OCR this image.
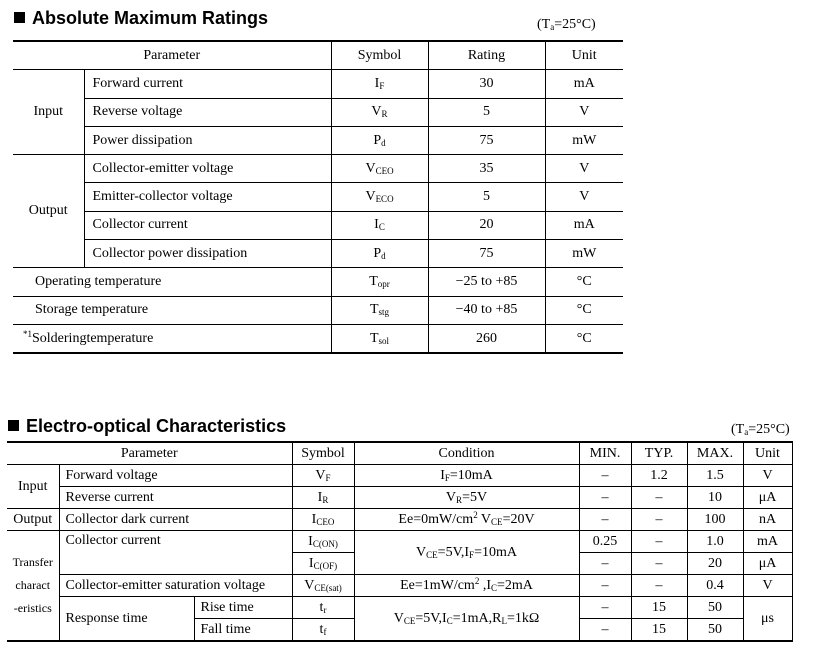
Absolute Maximum Ratings	$(T_a=25^\circ C)$
Parameter		Symbol	Rating	Unit
Input	Forward current	$I_F$	30	mA
	Reverse voltage	$V_R$	5	V
	Power dissipation	$P_d$	75	mW
Output	Collector-emitter voltage	$V_{CEO}$	35	V
	Emitter-collector voltage	$V_{ECO}$	5	V
	Collector current	$I_C$	20	mA
	Collector power dissipation	$P_d$	75	mW
Operating temperature		$T_{opr}$	−25 to +85	°C
Storage temperature		$T_{stg}$	−40 to +85	°C
$^{*1}$Solderingtemperature		$T_{sol}$	260	°C
Electro-optical Characteristics	$(T_a=25^\circ C)$
Parameter			Symbol	Condition	MIN.	TYP.	MAX.	Unit
Input	Forward voltage		$V_F$	$I_F=10mA$	–	1.2	1.5	V
	Reverse current		$I_R$	$V_R=5V$	–	–	10	μA
Output	Collector dark current		$I_{CEO}$	$Ee=0mW/cm^2$ $V_{CE}=20V$	–	–	100	nA

Transfer
charact
-eristics	Collector current		$I_{C(ON)}$	$V_{CE}=5V,I_F=10mA$	0.25	–	1.0	mA
			$I_{C(OF)}$		–	–	20	μA
	Collector-emitter saturation voltage		$V_{CE(sat)}$	$Ee=1mW/cm^2$ $,I_C=2mA$	–	–	0.4	V
	Response time	Rise time	$t_r$	$V_{CE}=5V,I_C=1mA,R_L=1k\Omega$	–	15	50	μs
		Fall time	$t_f$		–	15	50	
